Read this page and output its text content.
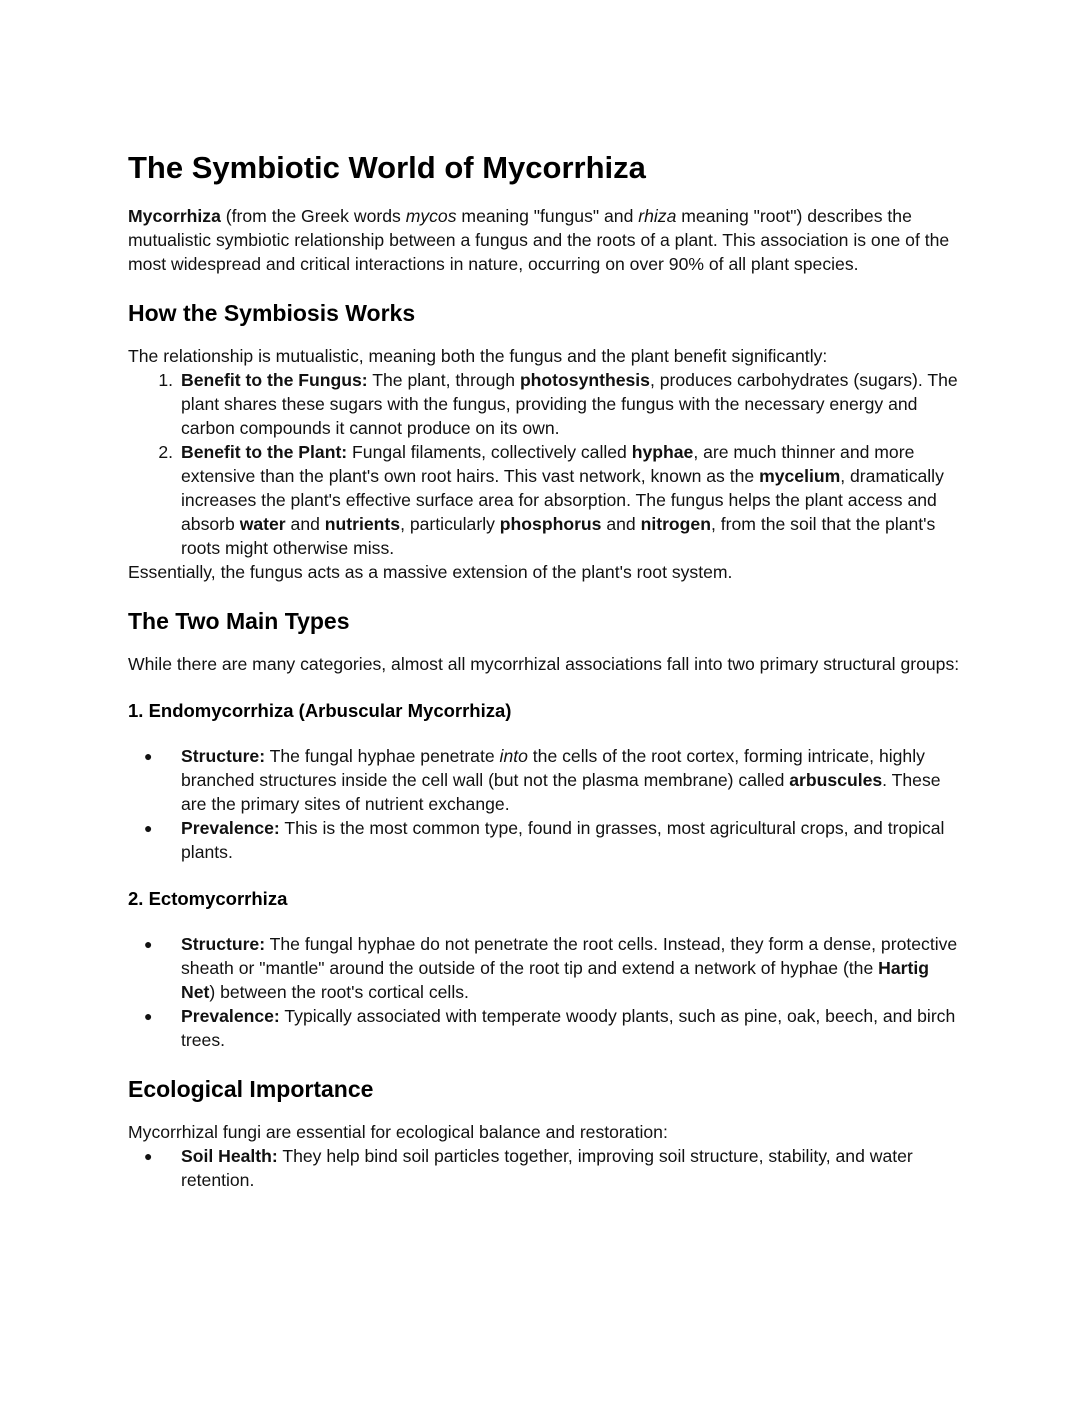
The Symbiotic World of Mycorrhiza

Mycorrhiza (from the Greek words mycos meaning "fungus" and rhiza meaning "root") describes the mutualistic symbiotic relationship between a fungus and the roots of a plant. This association is one of the most widespread and critical interactions in nature, occurring on over 90% of all plant species.

How the Symbiosis Works

The relationship is mutualistic, meaning both the fungus and the plant benefit significantly:

1. Benefit to the Fungus: The plant, through photosynthesis, produces carbohydrates (sugars). The plant shares these sugars with the fungus, providing the fungus with the necessary energy and carbon compounds it cannot produce on its own.
2. Benefit to the Plant: Fungal filaments, collectively called hyphae, are much thinner and more extensive than the plant's own root hairs. This vast network, known as the mycelium, dramatically increases the plant's effective surface area for absorption. The fungus helps the plant access and absorb water and nutrients, particularly phosphorus and nitrogen, from the soil that the plant's roots might otherwise miss.

Essentially, the fungus acts as a massive extension of the plant's root system.

The Two Main Types

While there are many categories, almost all mycorrhizal associations fall into two primary structural groups:

1. Endomycorrhiza (Arbuscular Mycorrhiza)
● Structure: The fungal hyphae penetrate into the cells of the root cortex, forming intricate, highly branched structures inside the cell wall (but not the plasma membrane) called arbuscules. These are the primary sites of nutrient exchange.
● Prevalence: This is the most common type, found in grasses, most agricultural crops, and tropical plants.
2. Ectomycorrhiza
● Structure: The fungal hyphae do not penetrate the root cells. Instead, they form a dense, protective sheath or "mantle" around the outside of the root tip and extend a network of hyphae (the Hartig Net) between the root's cortical cells.
● Prevalence: Typically associated with temperate woody plants, such as pine, oak, beech, and birch trees.
Ecological Importance

Mycorrhizal fungi are essential for ecological balance and restoration:

● Soil Health: They help bind soil particles together, improving soil structure, stability, and water retention.
